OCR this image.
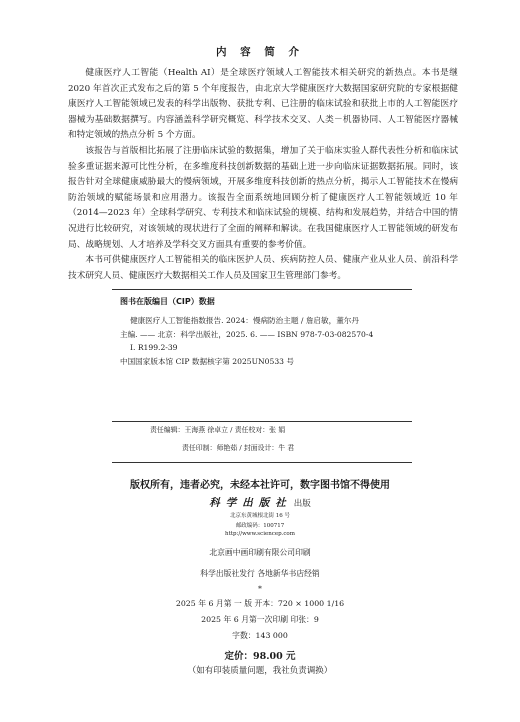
内 容 简 介

健康医疗人工智能（Health AI）是全球医疗领域人工智能技术相关研究的新热点。本书是继 2020 年首次正式发布之后的第 5 个年度报告，由北京大学健康医疗大数据国家研究院的专家根据健康医疗人工智能领域已发表的科学出版物、获批专利、已注册的临床试验和获批上市的人工智能医疗器械为基础数据撰写。内容涵盖科学研究概览、科学技术交叉、人类－机器协同、人工智能医疗器械和特定领域的热点分析 5 个方面。

该报告与首版相比拓展了注册临床试验的数据集，增加了关于临床实验人群代表性分析和临床试验多重证据来源可比性分析，在多维度科技创新数据的基础上进一步向临床证据数据拓展。同时，该报告针对全球健康威胁最大的慢病领域，开展多维度科技创新的热点分析，揭示人工智能技术在慢病防治领域的赋能场景和应用潜力。该报告全面系统地回顾分析了健康医疗人工智能领域近 10 年（2014—2023 年）全球科学研究、专利技术和临床试验的规模、结构和发展趋势，并结合中国的情况进行比较研究，对该领域的现状进行了全面的阐释和解读。在我国健康医疗人工智能领域的研发布局、战略规划、人才培养及学科交叉方面具有重要的参考价值。

本书可供健康医疗人工智能相关的临床医护人员、疾病防控人员、健康产业从业人员、前沿科学技术研究人员、健康医疗大数据相关工作人员及国家卫生管理部门参考。

图书在版编目（CIP）数据
健康医疗人工智能指数报告. 2024：慢病防治主题 / 詹启敏，董尔丹
主编. —— 北京：科学出版社，2025. 6. —— ISBN 978-7-03-082570-4
Ⅰ. R199.2-39
中国国家版本馆 CIP 数据核字第 2025UN0533 号
责任编辑：王海燕 徐卓立 / 责任校对：张 娟
责任印制：师艳茹 / 封面设计：牛 君
版权所有，违者必究，未经本社许可，数字图书馆不得使用
科学出版社 出版
北京东黄城根北街 16 号
邮政编码：100717
http://www.sciencep.com
北京画中画印刷有限公司印刷
科学出版社发行 各地新华书店经销
*
2025 年 6 月第 一 版 开本：720 × 1000 1/16
2025 年 6 月第一次印刷 印张：9
字数：143 000
定价：98.00 元
（如有印装质量问题，我社负责调换）
